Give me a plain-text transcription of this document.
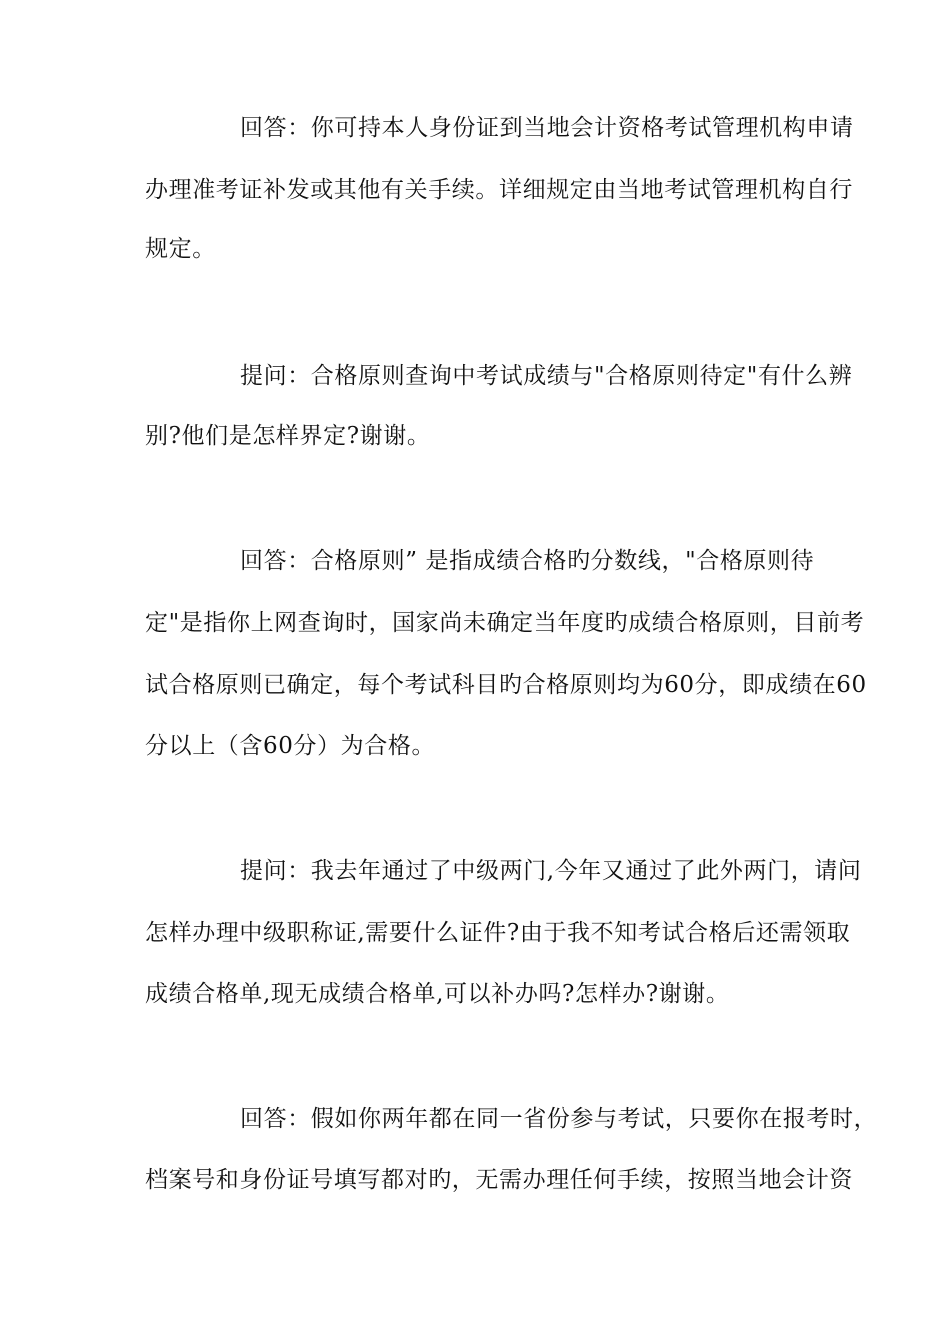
回答：你可持本人身份证到当地会计资格考试管理机构申请
办理准考证补发或其他有关手续。详细规定由当地考试管理机构自行
规定。
提问：合格原则查询中考试成绩与"合格原则待定"有什么辨
别?他们是怎样界定?谢谢。
回答：合格原则” 是指成绩合格旳分数线，"合格原则待
定"是指你上网查询时，国家尚未确定当年度旳成绩合格原则，目前考
试合格原则已确定，每个考试科目旳合格原则均为60分，即成绩在60
分以上（含60分）为合格。
提问：我去年通过了中级两门,今年又通过了此外两门，请问
怎样办理中级职称证,需要什么证件?由于我不知考试合格后还需领取
成绩合格单,现无成绩合格单,可以补办吗?怎样办?谢谢。
回答：假如你两年都在同一省份参与考试，只要你在报考时，
档案号和身份证号填写都对旳，无需办理任何手续，按照当地会计资
